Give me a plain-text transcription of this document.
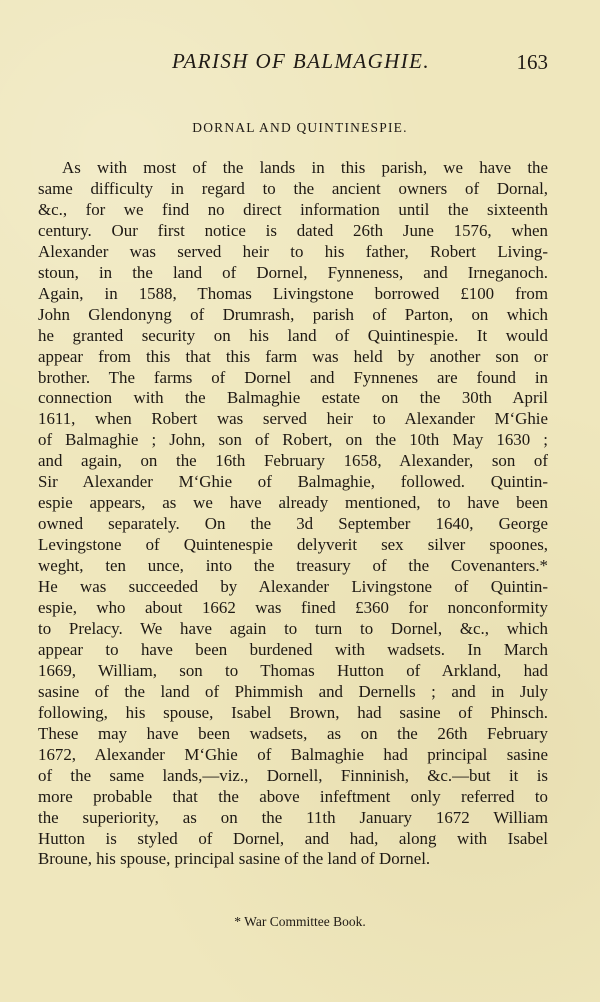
PARISH OF BALMAGHIE.	163
DORNAL AND QUINTINESPIE.
As with most of the lands in this parish, we have the
same difficulty in regard to the ancient owners of Dornal,
&c., for we find no direct information until the sixteenth
century. Our first notice is dated 26th June 1576, when
Alexander was served heir to his father, Robert Living-
stoun, in the land of Dornel, Fynneness, and Irneganoch.
Again, in 1588, Thomas Livingstone borrowed £100 from
John Glendonyng of Drumrash, parish of Parton, on which
he granted security on his land of Quintinespie. It would
appear from this that this farm was held by another son or
brother. The farms of Dornel and Fynnenes are found in
connection with the Balmaghie estate on the 30th April
1611, when Robert was served heir to Alexander M‘Ghie
of Balmaghie ; John, son of Robert, on the 10th May 1630 ;
and again, on the 16th February 1658, Alexander, son of
Sir Alexander M‘Ghie of Balmaghie, followed. Quintin-
espie appears, as we have already mentioned, to have been
owned separately. On the 3d September 1640, George
Levingstone of Quintenespie delyverit sex silver spoones,
weght, ten unce, into the treasury of the Covenanters.*
He was succeeded by Alexander Livingstone of Quintin-
espie, who about 1662 was fined £360 for nonconformity
to Prelacy. We have again to turn to Dornel, &c., which
appear to have been burdened with wadsets. In March
1669, William, son to Thomas Hutton of Arkland, had
sasine of the land of Phimmish and Dernells ; and in July
following, his spouse, Isabel Brown, had sasine of Phinsch.
These may have been wadsets, as on the 26th February
1672, Alexander M‘Ghie of Balmaghie had principal sasine
of the same lands,—viz., Dornell, Finninish, &c.—but it is
more probable that the above infeftment only referred to
the superiority, as on the 11th January 1672 William
Hutton is styled of Dornel, and had, along with Isabel
Broune, his spouse, principal sasine of the land of Dornel.
* War Committee Book.
